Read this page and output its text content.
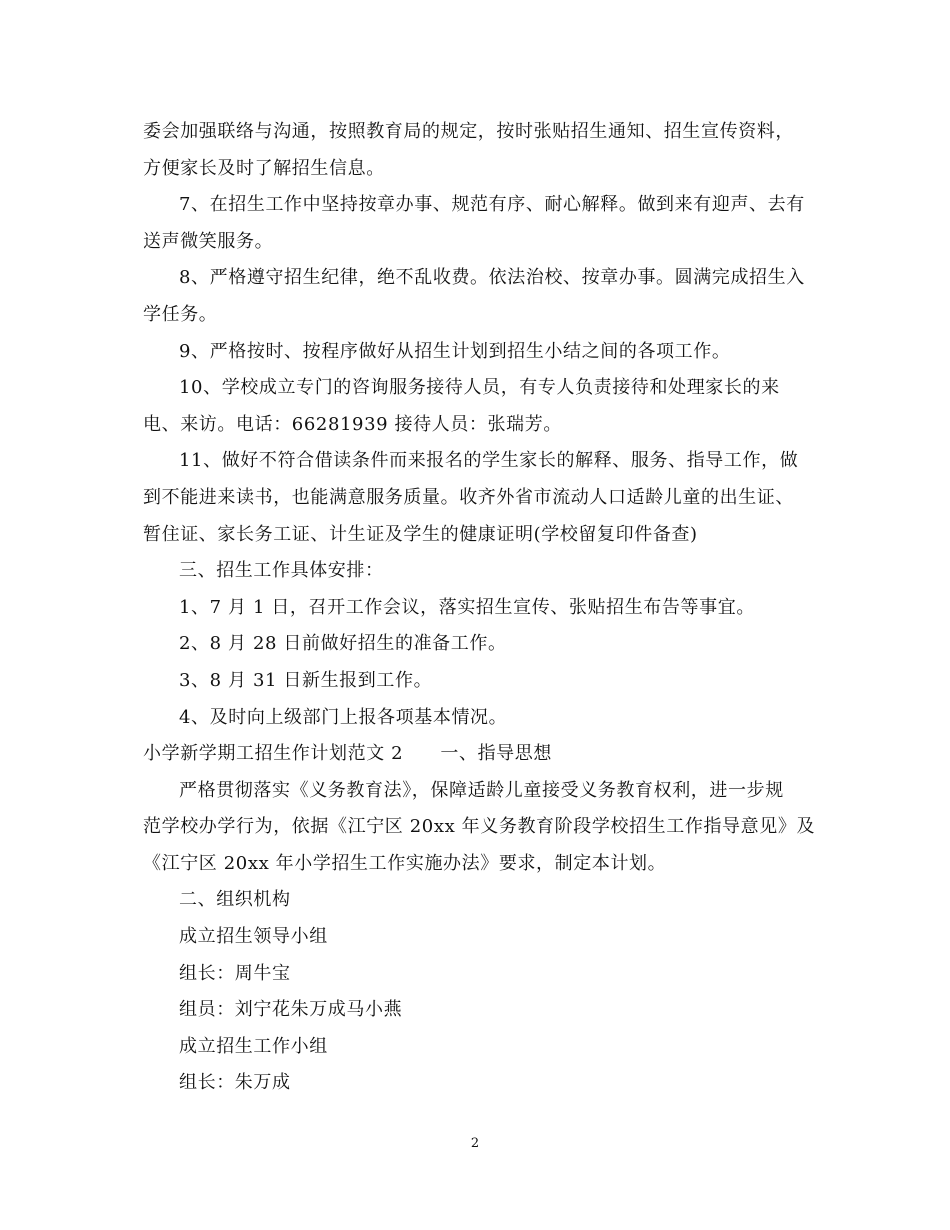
委会加强联络与沟通，按照教育局的规定，按时张贴招生通知、招生宣传资料，
方便家长及时了解招生信息。
7、在招生工作中坚持按章办事、规范有序、耐心解释。做到来有迎声、去有
送声微笑服务。
8、严格遵守招生纪律，绝不乱收费。依法治校、按章办事。圆满完成招生入
学任务。
9、严格按时、按程序做好从招生计划到招生小结之间的各项工作。
10、学校成立专门的咨询服务接待人员，有专人负责接待和处理家长的来
电、来访。电话：66281939 接待人员：张瑞芳。
11、做好不符合借读条件而来报名的学生家长的解释、服务、指导工作，做
到不能进来读书，也能满意服务质量。收齐外省市流动人口适龄儿童的出生证、
暂住证、家长务工证、计生证及学生的健康证明(学校留复印件备查)
三、招生工作具体安排：
1、7 月 1 日，召开工作会议，落实招生宣传、张贴招生布告等事宜。
2、8 月 28 日前做好招生的准备工作。
3、8 月 31 日新生报到工作。
4、及时向上级部门上报各项基本情况。
小学新学期工招生作计划范文 2　　一、指导思想
严格贯彻落实《义务教育法》，保障适龄儿童接受义务教育权利，进一步规
范学校办学行为，依据《江宁区 20xx 年义务教育阶段学校招生工作指导意见》及
《江宁区 20xx 年小学招生工作实施办法》要求，制定本计划。
二、组织机构
成立招生领导小组
组长：周牛宝
组员：刘宁花朱万成马小燕
成立招生工作小组
组长：朱万成
2
